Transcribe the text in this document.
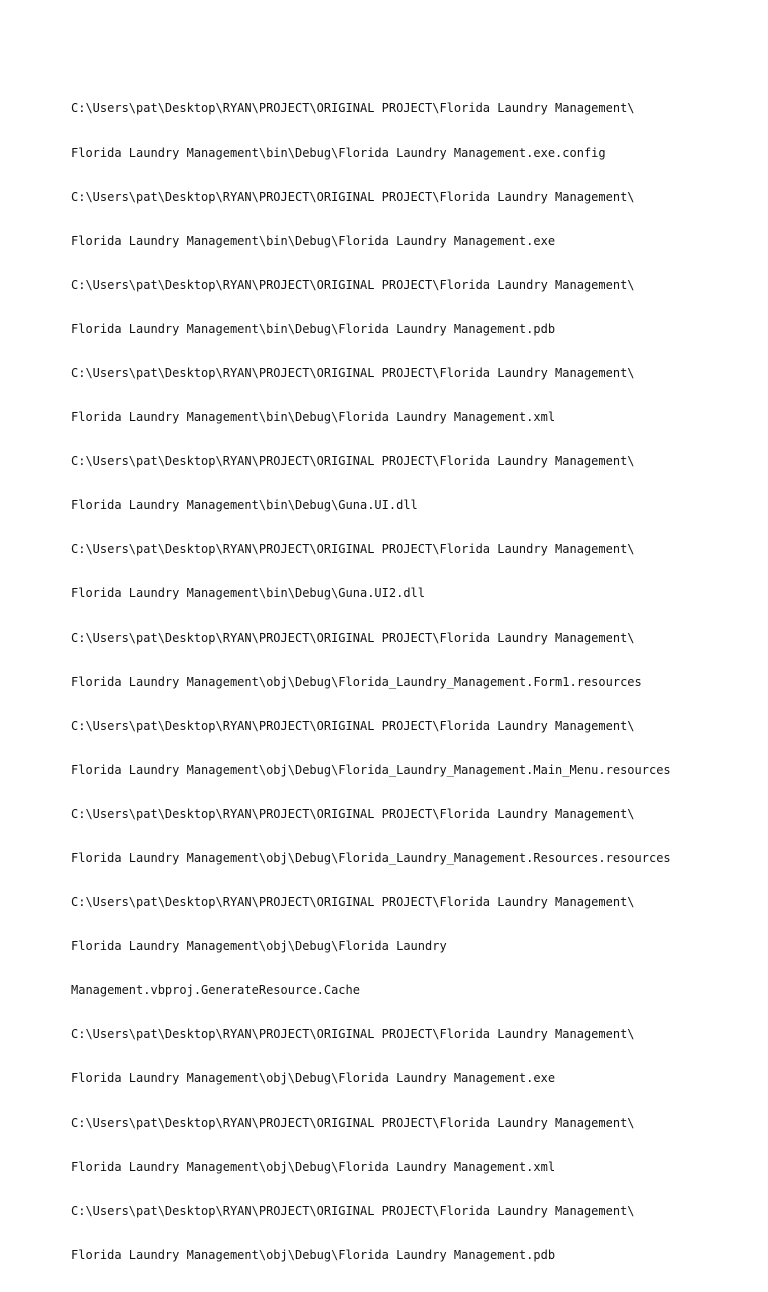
C:\Users\pat\Desktop\RYAN\PROJECT\ORIGINAL PROJECT\Florida Laundry Management\

Florida Laundry Management\bin\Debug\Florida Laundry Management.exe.config

C:\Users\pat\Desktop\RYAN\PROJECT\ORIGINAL PROJECT\Florida Laundry Management\

Florida Laundry Management\bin\Debug\Florida Laundry Management.exe

C:\Users\pat\Desktop\RYAN\PROJECT\ORIGINAL PROJECT\Florida Laundry Management\

Florida Laundry Management\bin\Debug\Florida Laundry Management.pdb

C:\Users\pat\Desktop\RYAN\PROJECT\ORIGINAL PROJECT\Florida Laundry Management\

Florida Laundry Management\bin\Debug\Florida Laundry Management.xml

C:\Users\pat\Desktop\RYAN\PROJECT\ORIGINAL PROJECT\Florida Laundry Management\

Florida Laundry Management\bin\Debug\Guna.UI.dll

C:\Users\pat\Desktop\RYAN\PROJECT\ORIGINAL PROJECT\Florida Laundry Management\

Florida Laundry Management\bin\Debug\Guna.UI2.dll

C:\Users\pat\Desktop\RYAN\PROJECT\ORIGINAL PROJECT\Florida Laundry Management\

Florida Laundry Management\obj\Debug\Florida_Laundry_Management.Form1.resources

C:\Users\pat\Desktop\RYAN\PROJECT\ORIGINAL PROJECT\Florida Laundry Management\

Florida Laundry Management\obj\Debug\Florida_Laundry_Management.Main_Menu.resources

C:\Users\pat\Desktop\RYAN\PROJECT\ORIGINAL PROJECT\Florida Laundry Management\

Florida Laundry Management\obj\Debug\Florida_Laundry_Management.Resources.resources

C:\Users\pat\Desktop\RYAN\PROJECT\ORIGINAL PROJECT\Florida Laundry Management\

Florida Laundry Management\obj\Debug\Florida Laundry

Management.vbproj.GenerateResource.Cache

C:\Users\pat\Desktop\RYAN\PROJECT\ORIGINAL PROJECT\Florida Laundry Management\

Florida Laundry Management\obj\Debug\Florida Laundry Management.exe

C:\Users\pat\Desktop\RYAN\PROJECT\ORIGINAL PROJECT\Florida Laundry Management\

Florida Laundry Management\obj\Debug\Florida Laundry Management.xml

C:\Users\pat\Desktop\RYAN\PROJECT\ORIGINAL PROJECT\Florida Laundry Management\

Florida Laundry Management\obj\Debug\Florida Laundry Management.pdb
